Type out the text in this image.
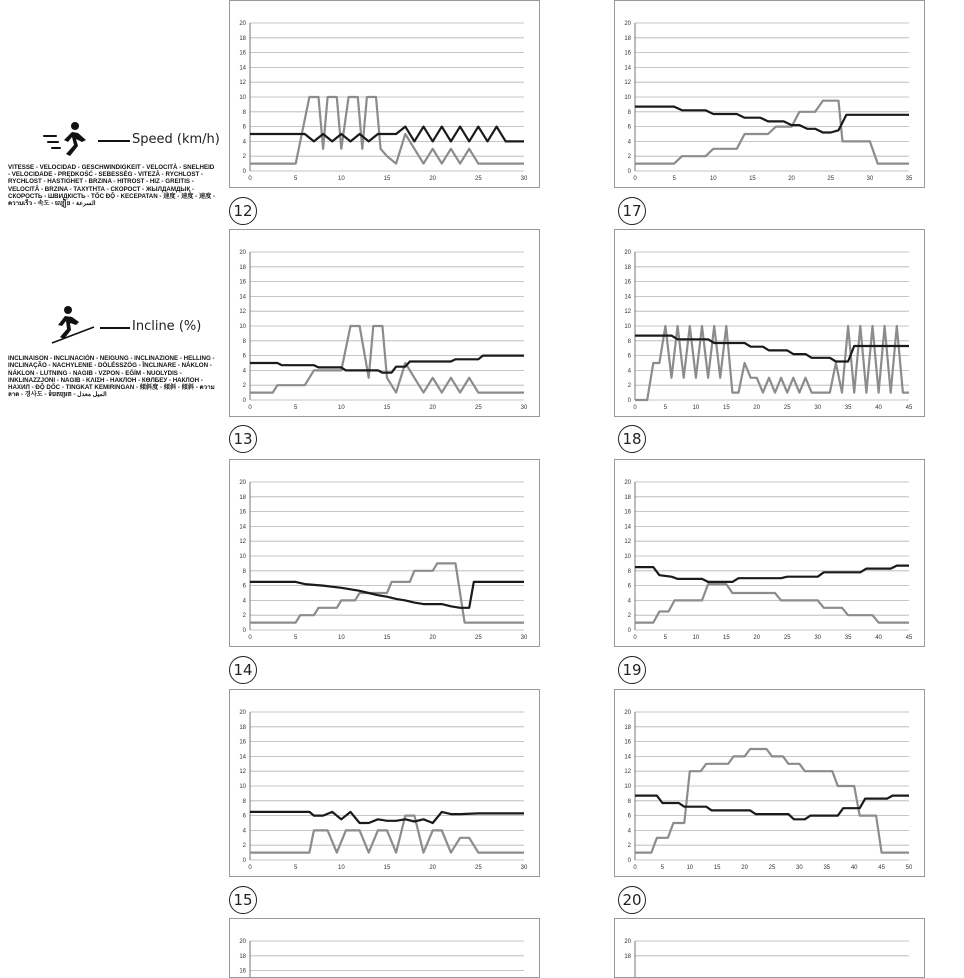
Speed (km/h)
VITESSE - VELOCIDAD - GESCHWINDIGKEIT - VELOCITÀ - SNELHEID - VELOCIDADE - PRĘDKOŚĆ - SEBESSÉG - VITEZĂ - RYCHLOST - RYCHLOST - HASTIGHET - BRZINA - HITROST - HIZ - GREITIS - VELOCITĀ - BRZINA - ТАХҮТНТА - СКОРОСТ - ЖЫЛДАМДЫҚ - СКОРОСТЬ - ШВИДКІСТЬ - TỐC ĐỘ - KECEPATAN - 速度 - 速度 - 速度 - ความเร็ว - 속도 - ល្បឿន - السرعة
Incline (%)
INCLINAISON - INCLINACIÓN - NEIGUNG - INCLINAZIONE - HELLING - INCLINAÇÃO - NACHYLENIE - DÖLÉSSZÖG - ÎNCLINARE - NÁKLON - NÁKLON - LUTNING - NAGIB - VZPON - EĞİM - NUOLYDIS - INKLINAZZJONI - NAGIB - ΚΛΙΣΗ - НАКЛОН - КӨЛБЕУ - НАКЛОН - НАХИЛ - ĐỘ DỐC - TINGKAT KEMIRINGAN - 傾斜度 - 傾斜 - 傾斜 - ความลาด - 경사도 - ទំរេតម្រេត - الميل معدل
0
2
4
6
8
10
12
14
16
18
20
0	5	10	15	20	25	30
12
0
2
4
6
8
10
12
14
16
18
20
0	5	10	15	20	25	30
13
0
2
4
6
8
10
12
14
16
18
20
0	5	10	15	20	25	30
14
0
2
4
6
8
10
12
14
16
18
20
0	5	10	15	20	25	30
15
16
18
20
0
2
4
6
8
10
12
14
16
18
20
0	5	10	15	20	25	30	35
17
0
2
4
6
8
10
12
14
16
18
20
0	5	10	15	20	25	30	35	40	45
18
0
2
4
6
8
10
12
14
16
18
20
0	5	10	15	20	25	30	35	40	45
19
0
2
4
6
8
10
12
14
16
18
20
0	5	10	15	20	25	30	35	40	45	50
20
18
20
